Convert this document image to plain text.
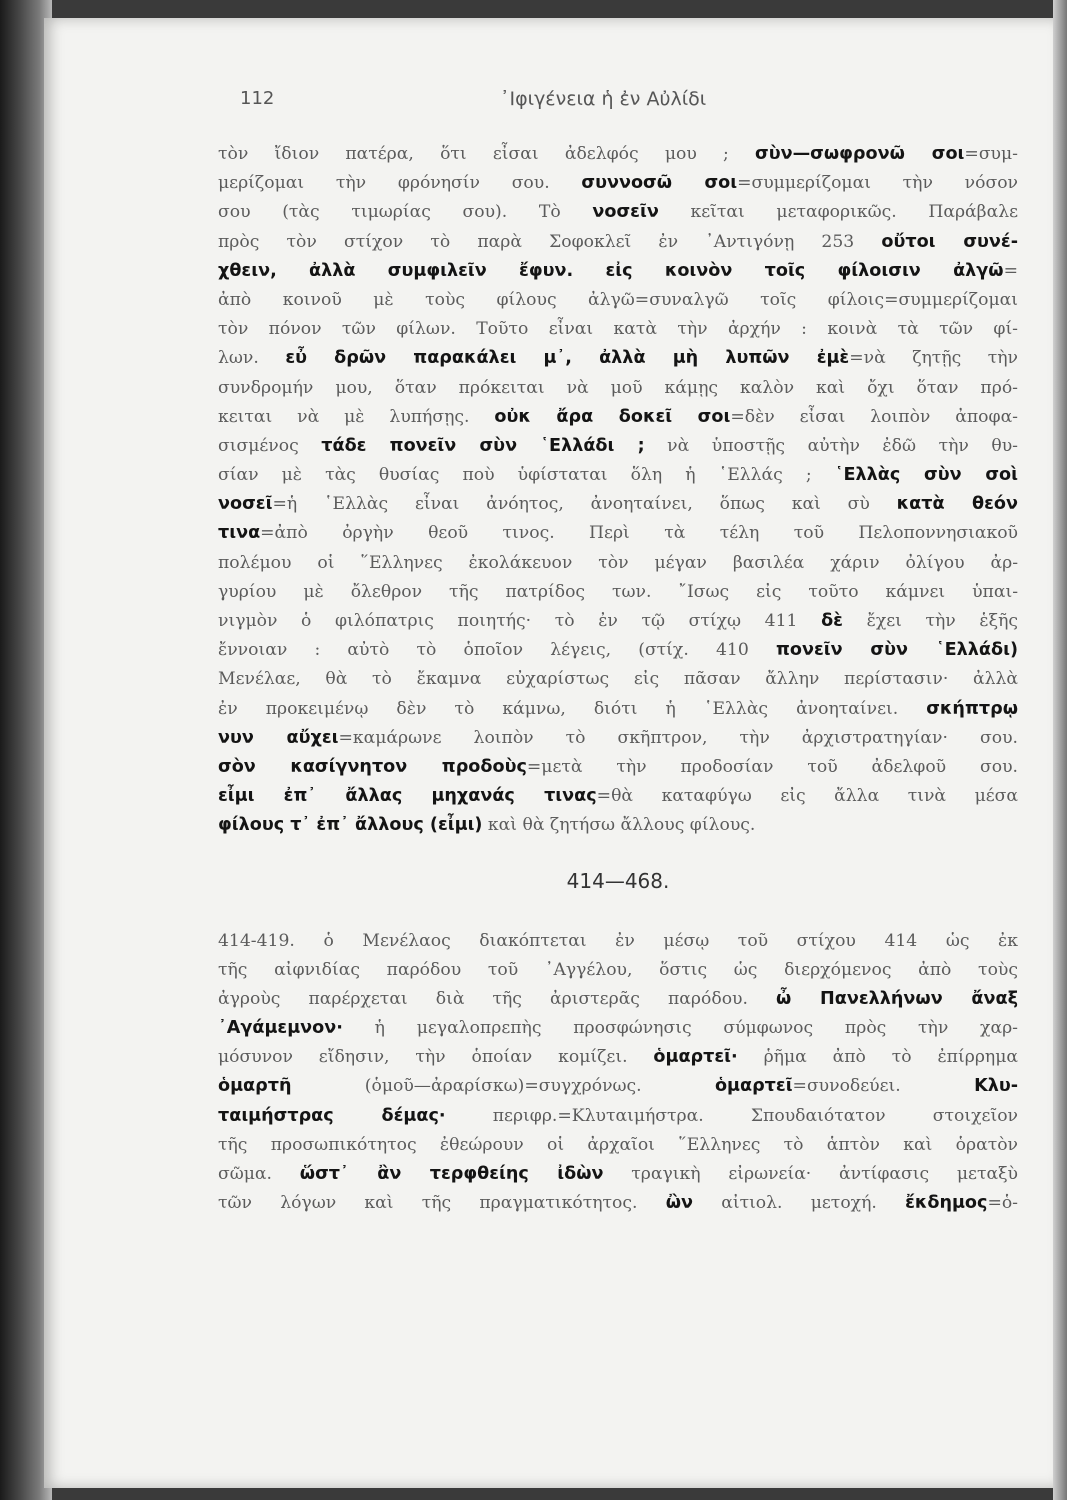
112	᾿Ιφιγένεια ἡ ἐν Αὐλίδι
τὸν ἴδιον πατέρα, ὅτι εἶσαι ἀδελφός μου ; σὺν—σωφρονῶ σοι=συμ-
μερίζομαι τὴν φρόνησίν σου. συννοσῶ σοι=συμμερίζομαι τὴν νόσον
σου (τὰς τιμωρίας σου). Τὸ νοσεῖν κεῖται μεταφορικῶς. Παράβαλε
πρὸς τὸν στίχον τὸ παρὰ Σοφοκλεῖ ἐν ᾿Αντιγόνῃ 253 οὔτοι συνέ-
χθειν, ἀλλὰ συμφιλεῖν ἔφυν. εἰς κοινὸν τοῖς φίλοισιν ἀλγῶ=
ἀπὸ κοινοῦ μὲ τοὺς φίλους ἀλγῶ=συναλγῶ τοῖς φίλοις=συμμερίζομαι
τὸν πόνον τῶν φίλων. Τοῦτο εἶναι κατὰ τὴν ἀρχήν : κοινὰ τὰ τῶν φί-
λων. εὖ δρῶν παρακάλει μ᾿, ἀλλὰ μὴ λυπῶν ἐμὲ=νὰ ζητῇς τὴν
συνδρομήν μου, ὅταν πρόκειται νὰ μοῦ κάμῃς καλὸν καὶ ὄχι ὅταν πρό-
κειται νὰ μὲ λυπήσῃς. οὐκ ἄρα δοκεῖ σοι=δὲν εἶσαι λοιπὸν ἀποφα-
σισμένος τάδε πονεῖν σὺν ῾Ελλάδι ; νὰ ὑποστῇς αὐτὴν ἐδῶ τὴν θυ-
σίαν μὲ τὰς θυσίας ποὺ ὑφίσταται ὅλη ἡ ῾Ελλάς ; ῾Ελλὰς σὺν σοὶ
νοσεῖ=ἡ ῾Ελλὰς εἶναι ἀνόητος, ἀνοηταίνει, ὅπως καὶ σὺ κατὰ θεόν
τινα=ἀπὸ ὀργὴν θεοῦ τινος. Περὶ τὰ τέλη τοῦ Πελοποννησιακοῦ
πολέμου οἱ ῞Ελληνες ἐκολάκευον τὸν μέγαν βασιλέα χάριν ὀλίγου ἀρ-
γυρίου μὲ ὄλεθρον τῆς πατρίδος των. ῎Ισως εἰς τοῦτο κάμνει ὑπαι-
νιγμὸν ὁ φιλόπατρις ποιητής· τὸ ἐν τῷ στίχῳ 411 δὲ ἔχει τὴν ἑξῆς
ἔννοιαν : αὐτὸ τὸ ὁποῖον λέγεις, (στίχ. 410 πονεῖν σὺν ῾Ελλάδι)
Μενέλαε, θὰ τὸ ἔκαμνα εὐχαρίστως εἰς πᾶσαν ἄλλην περίστασιν· ἀλλὰ
ἐν προκειμένῳ δὲν τὸ κάμνω, διότι ἡ ῾Ελλὰς ἀνοηταίνει. σκήπτρῳ
νυν αὔχει=καμάρωνε λοιπὸν τὸ σκῆπτρον, τὴν ἀρχιστρατηγίαν· σου.
σὸν κασίγνητον προδοὺς=μετὰ τὴν προδοσίαν τοῦ ἀδελφοῦ σου.
εἶμι ἐπ᾿ ἄλλας μηχανάς τινας=θὰ καταφύγω εἰς ἄλλα τινὰ μέσα
φίλους τ᾿ ἐπ᾿ ἄλλους (εἶμι) καὶ θὰ ζητήσω ἄλλους φίλους.
414—468.
414-419. ὁ Μενέλαος διακόπτεται ἐν μέσῳ τοῦ στίχου 414 ὡς ἐκ
τῆς αἰφνιδίας παρόδου τοῦ ᾿Αγγέλου, ὅστις ὡς διερχόμενος ἀπὸ τοὺς
ἀγροὺς παρέρχεται διὰ τῆς ἀριστερᾶς παρόδου. ὦ Πανελλήνων ἄναξ
᾿Αγάμεμνον· ἡ μεγαλοπρεπὴς προσφώνησις σύμφωνος πρὸς τὴν χαρ-
μόσυνον εἴδησιν, τὴν ὁποίαν κομίζει. ὁμαρτεῖ· ῥῆμα ἀπὸ τὸ ἐπίρρημα
ὁμαρτῆ (ὁμοῦ—ἀραρίσκω)=συγχρόνως. ὁμαρτεῖ=συνοδεύει. Κλυ-
ταιμήστρας δέμας· περιφρ.=Κλυταιμήστρα. Σπουδαιότατον στοιχεῖον
τῆς προσωπικότητος ἐθεώρουν οἱ ἀρχαῖοι ῞Ελληνες τὸ ἁπτὸν καὶ ὁρατὸν
σῶμα. ὥστ᾿ ἂν τερφθείης ἰδὼν τραγικὴ εἰρωνεία· ἀντίφασις μεταξὺ
τῶν λόγων καὶ τῆς πραγματικότητος. ὢν αἰτιολ. μετοχή. ἔκδημος=ὁ-
